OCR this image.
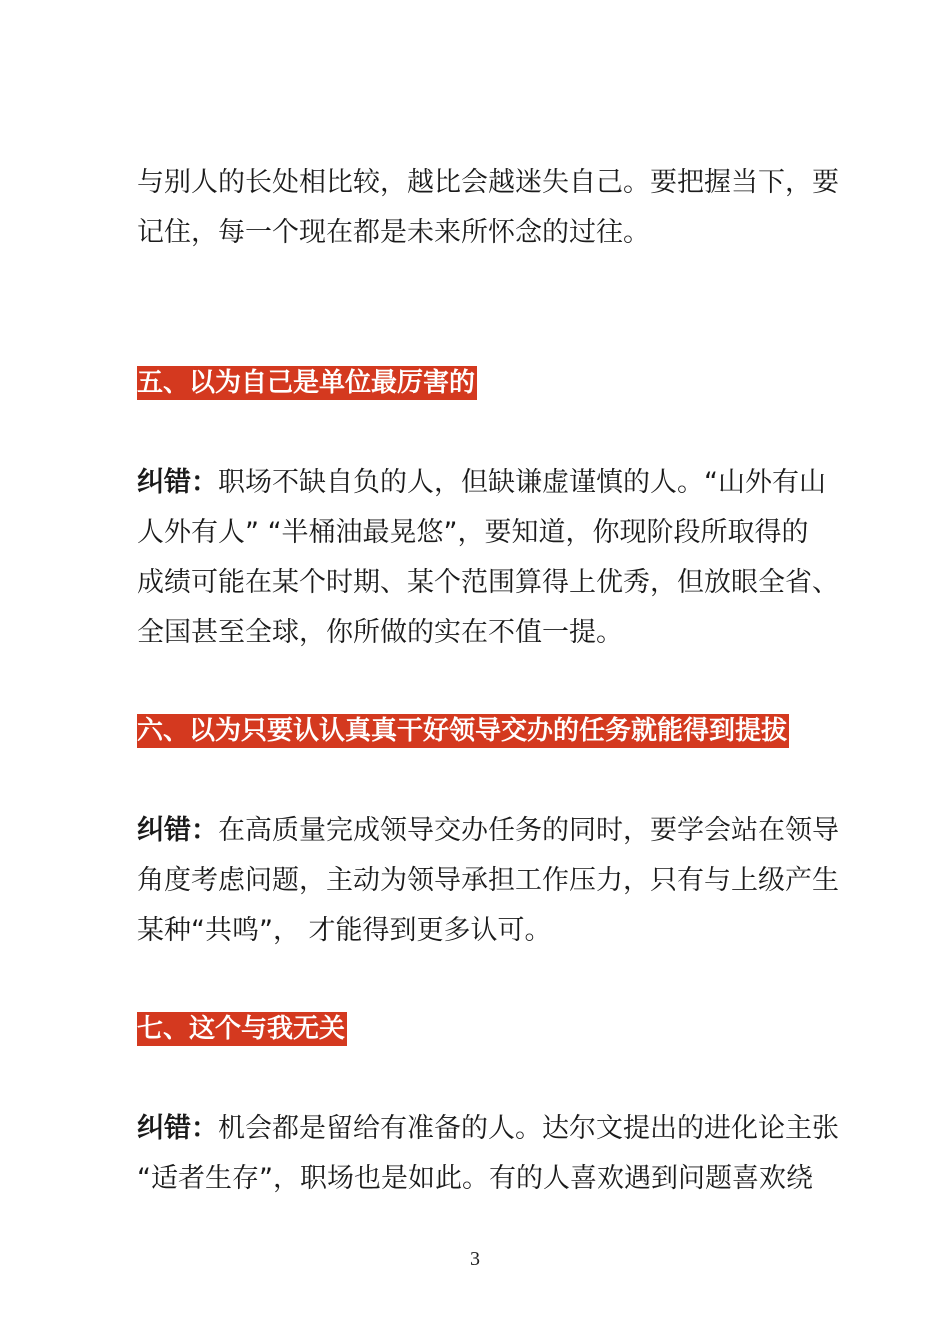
与别人的长处相比较，越比会越迷失自己。要把握当下，要
记住，每一个现在都是未来所怀念的过往。
五、以为自己是单位最厉害的
纠错：职场不缺自负的人，但缺谦虚谨慎的人。“山外有山
人外有人” “半桶油最晃悠”，要知道，你现阶段所取得的
成绩可能在某个时期、某个范围算得上优秀，但放眼全省、
全国甚至全球，你所做的实在不值一提。
六、以为只要认认真真干好领导交办的任务就能得到提拔
纠错：在高质量完成领导交办任务的同时，要学会站在领导
角度考虑问题，主动为领导承担工作压力，只有与上级产生
某种“共鸣”， 才能得到更多认可。
七、这个与我无关
纠错：机会都是留给有准备的人。达尔文提出的进化论主张
“适者生存”，职场也是如此。有的人喜欢遇到问题喜欢绕
3
